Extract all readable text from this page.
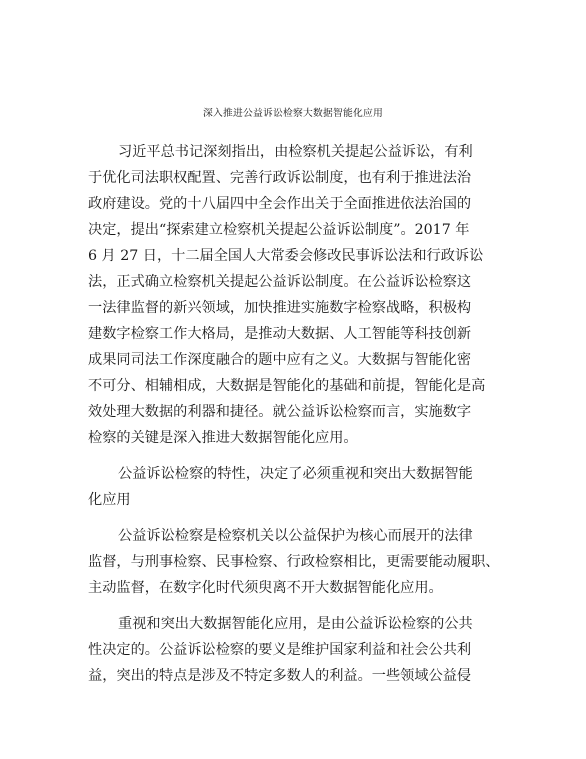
深入推进公益诉讼检察大数据智能化应用
习近平总书记深刻指出，由检察机关提起公益诉讼，有利
于优化司法职权配置、完善行政诉讼制度，也有利于推进法治
政府建设。党的十八届四中全会作出关于全面推进依法治国的
决定，提出“探索建立检察机关提起公益诉讼制度”。2017 年
6 月 27 日，十二届全国人大常委会修改民事诉讼法和行政诉讼
法，正式确立检察机关提起公益诉讼制度。在公益诉讼检察这
一法律监督的新兴领域，加快推进实施数字检察战略，积极构
建数字检察工作大格局，是推动大数据、人工智能等科技创新
成果同司法工作深度融合的题中应有之义。大数据与智能化密
不可分、相辅相成，大数据是智能化的基础和前提，智能化是高
效处理大数据的利器和捷径。就公益诉讼检察而言，实施数字
检察的关键是深入推进大数据智能化应用。
公益诉讼检察的特性，决定了必须重视和突出大数据智能
化应用
公益诉讼检察是检察机关以公益保护为核心而展开的法律
监督，与刑事检察、民事检察、行政检察相比，更需要能动履职、
主动监督，在数字化时代须臾离不开大数据智能化应用。
重视和突出大数据智能化应用，是由公益诉讼检察的公共
性决定的。公益诉讼检察的要义是维护国家利益和社会公共利
益，突出的特点是涉及不特定多数人的利益。一些领域公益侵
